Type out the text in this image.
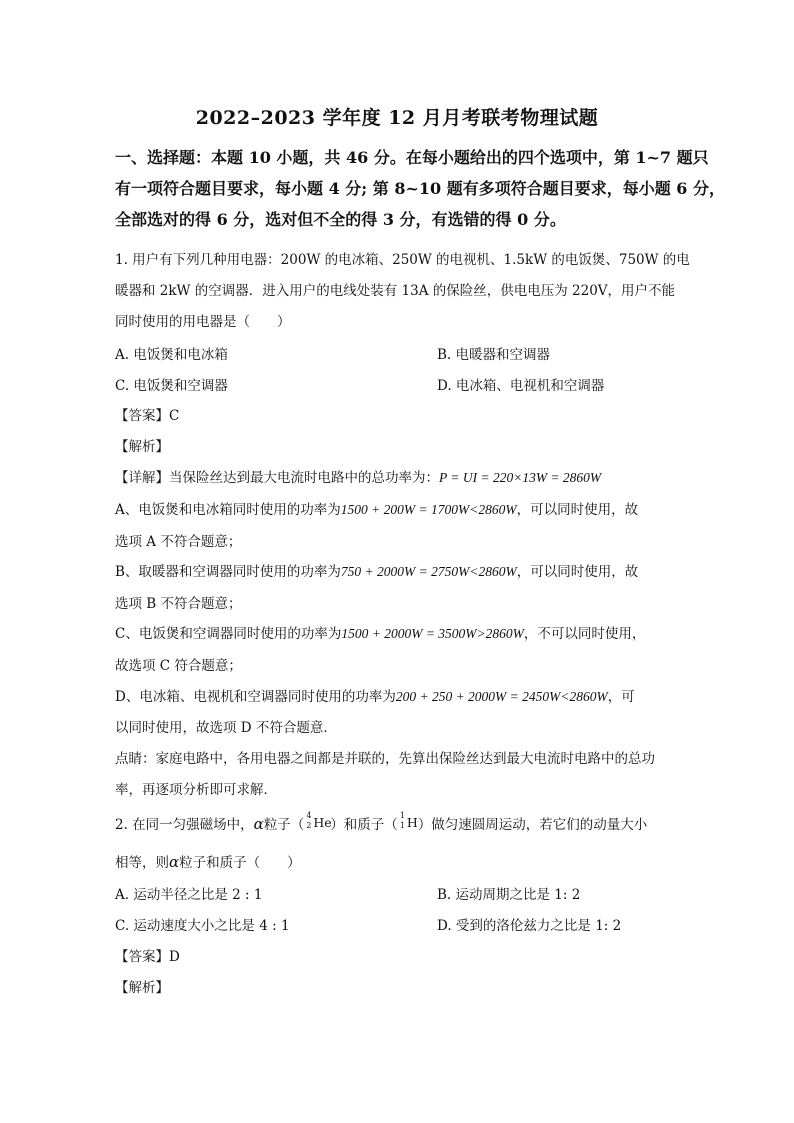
2022–2023 学年度 12 月月考联考物理试题

一、选择题：本题 10 小题，共 46 分。在每小题给出的四个选项中，第 1~7 题只

有一项符合题目要求，每小题 4 分; 第 8~10 题有多项符合题目要求，每小题 6 分，

全部选对的得 6 分，选对但不全的得 3 分，有选错的得 0 分。

1. 用户有下列几种用电器：200W 的电冰箱、250W 的电视机、1.5kW 的电饭煲、750W 的电
暖器和 2kW 的空调器．进入用户的电线处装有 13A 的保险丝，供电电压为 220V，用户不能
同时使用的用电器是（　　）
A. 电饭煲和电冰箱	B. 电暖器和空调器
C. 电饭煲和空调器	D. 电冰箱、电视机和空调器
【答案】C
【解析】
【详解】当保险丝达到最大电流时电路中的总功率为：P = UI = 220×13W = 2860W
A、电饭煲和电冰箱同时使用的功率为1500 + 200W = 1700W<2860W，可以同时使用，故
选项 A 不符合题意；
B、取暖器和空调器同时使用的功率为750 + 2000W = 2750W<2860W，可以同时使用，故
选项 B 不符合题意；
C、电饭煲和空调器同时使用的功率为1500 + 2000W = 3500W>2860W，不可以同时使用，
故选项 C 符合题意；
D、电冰箱、电视机和空调器同时使用的功率为200 + 250 + 2000W = 2450W<2860W，可
以同时使用，故选项 D 不符合题意．
点睛：家庭电路中，各用电器之间都是并联的，先算出保险丝达到最大电流时电路中的总功
率，再逐项分析即可求解．
2. 在同一匀强磁场中，α粒子（
4
2 He
）和质子（
1
1 H ）做匀速圆周运动，若它们的动量大小
相等，则α粒子和质子（　　）
A. 运动半径之比是 2 : 1	B. 运动周期之比是 1: 2
C. 运动速度大小之比是 4 : 1	D. 受到的洛伦兹力之比是 1: 2
【答案】D
【解析】
